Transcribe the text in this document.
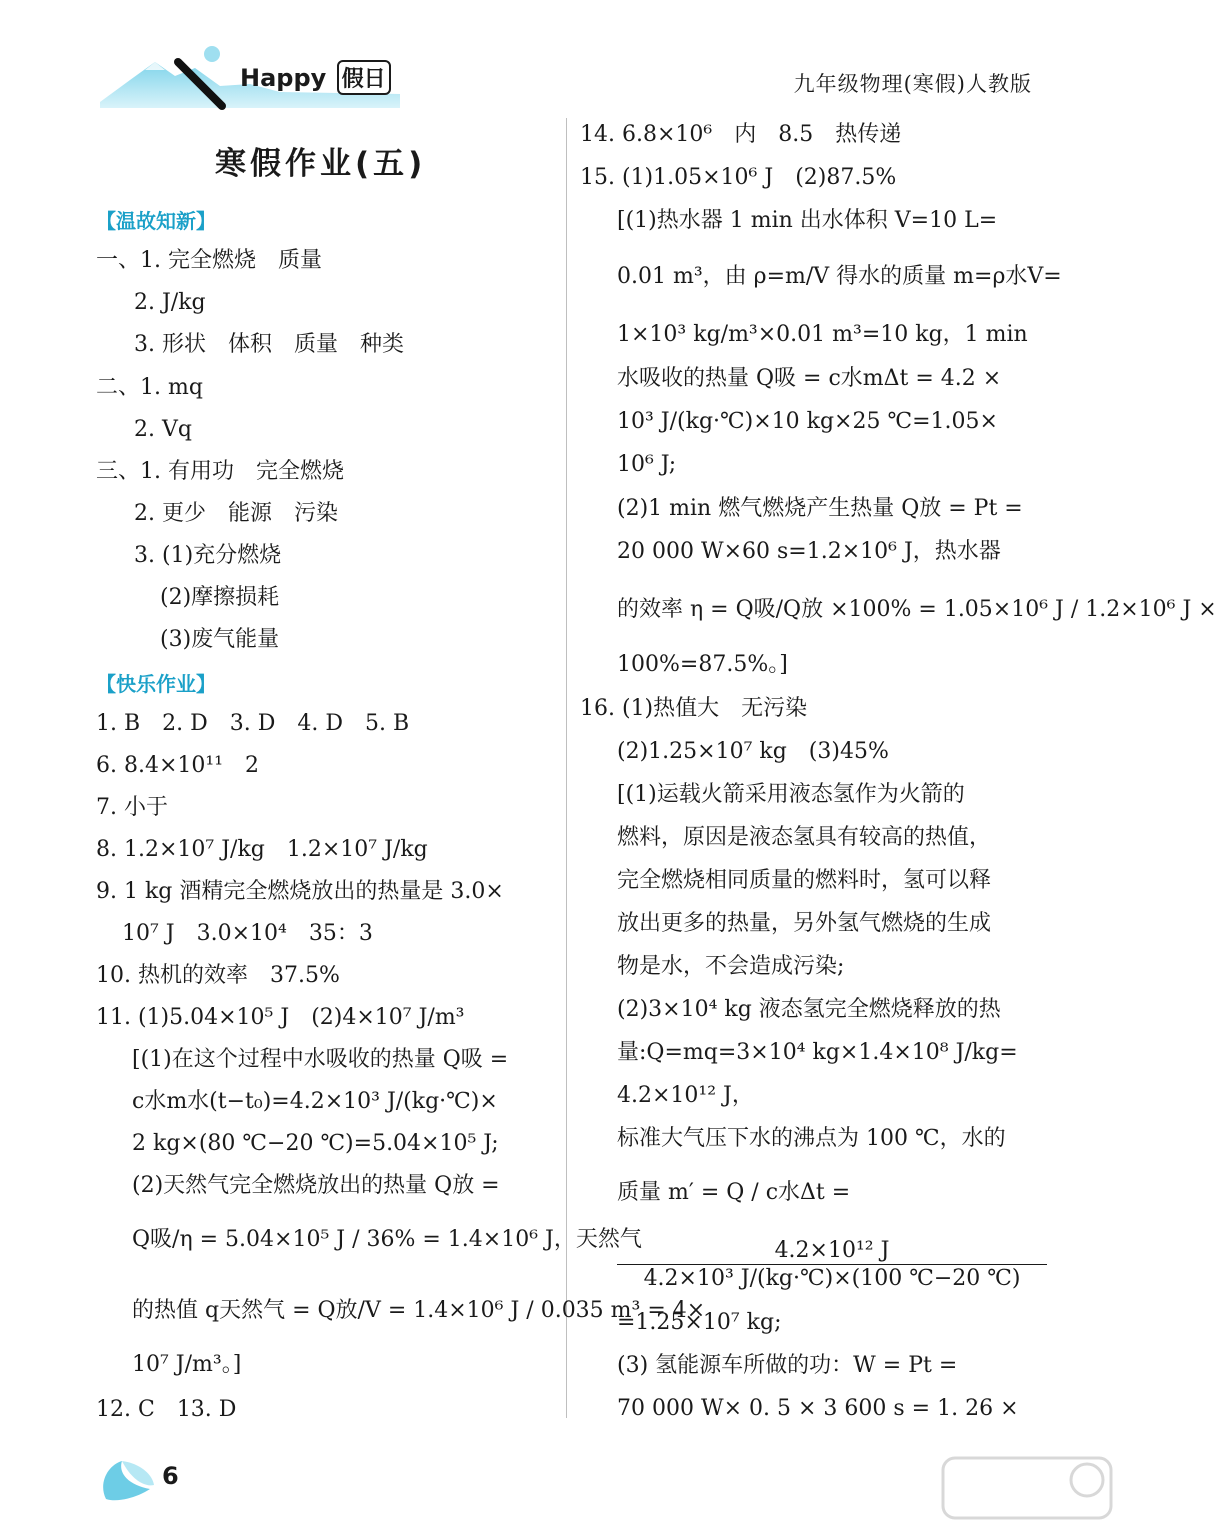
Happy 假日	九年级物理(寒假)人教版
寒假作业(五)
【温故知新】
一、1. 完全燃烧　质量
2. J/kg
3. 形状　体积　质量　种类
二、1. mq
2. Vq
三、1. 有用功　完全燃烧
2. 更少　能源　污染
3. (1)充分燃烧
(2)摩擦损耗
(3)废气能量
【快乐作业】
1. B　2. D　3. D　4. D　5. B
6. 8.4×10¹¹　2
7. 小于
8. 1.2×10⁷ J/kg　1.2×10⁷ J/kg
9. 1 kg 酒精完全燃烧放出的热量是 3.0×
10⁷ J　3.0×10⁴　35：3
10. 热机的效率　37.5%
11. (1)5.04×10⁵ J　(2)4×10⁷ J/m³
[(1)在这个过程中水吸收的热量 Q吸 =
c水m水(t−t₀)=4.2×10³ J/(kg·℃)×
2 kg×(80 ℃−20 ℃)=5.04×10⁵ J;
(2)天然气完全燃烧放出的热量 Q放 =
Q吸/η = 5.04×10⁵ J / 36% = 1.4×10⁶ J，天然气
的热值 q天然气 = Q放/V = 1.4×10⁶ J / 0.035 m³ = 4×
10⁷ J/m³。]
12. C　13. D
14. 6.8×10⁶　内　8.5　热传递
15. (1)1.05×10⁶ J　(2)87.5%
[(1)热水器 1 min 出水体积 V=10 L=
0.01 m³，由 ρ=m/V 得水的质量 m=ρ水V=
1×10³ kg/m³×0.01 m³=10 kg，1 min
水吸收的热量 Q吸 = c水mΔt = 4.2 ×
10³ J/(kg·℃)×10 kg×25 ℃=1.05×
10⁶ J;
(2)1 min 燃气燃烧产生热量 Q放 = Pt =
20 000 W×60 s=1.2×10⁶ J，热水器
的效率 η = Q吸/Q放 ×100% = 1.05×10⁶ J / 1.2×10⁶ J ×
100%=87.5%。]
16. (1)热值大　无污染
(2)1.25×10⁷ kg　(3)45%
[(1)运载火箭采用液态氢作为火箭的
燃料，原因是液态氢具有较高的热值，
完全燃烧相同质量的燃料时，氢可以释
放出更多的热量，另外氢气燃烧的生成
物是水，不会造成污染;
(2)3×10⁴ kg 液态氢完全燃烧释放的热
量:Q=mq=3×10⁴ kg×1.4×10⁸ J/kg=
4.2×10¹² J，
标准大气压下水的沸点为 100 ℃，水的
质量 m′ = Q / c水Δt =
$\frac{\text{4.2×10¹² J}}{\text{4.2×10³ J/(kg·℃)×(100 ℃−20 ℃)}}$
=1.25×10⁷ kg;
(3) 氢能源车所做的功：W = Pt =
70 000 W× 0. 5 × 3 600 s = 1. 26 ×
6
